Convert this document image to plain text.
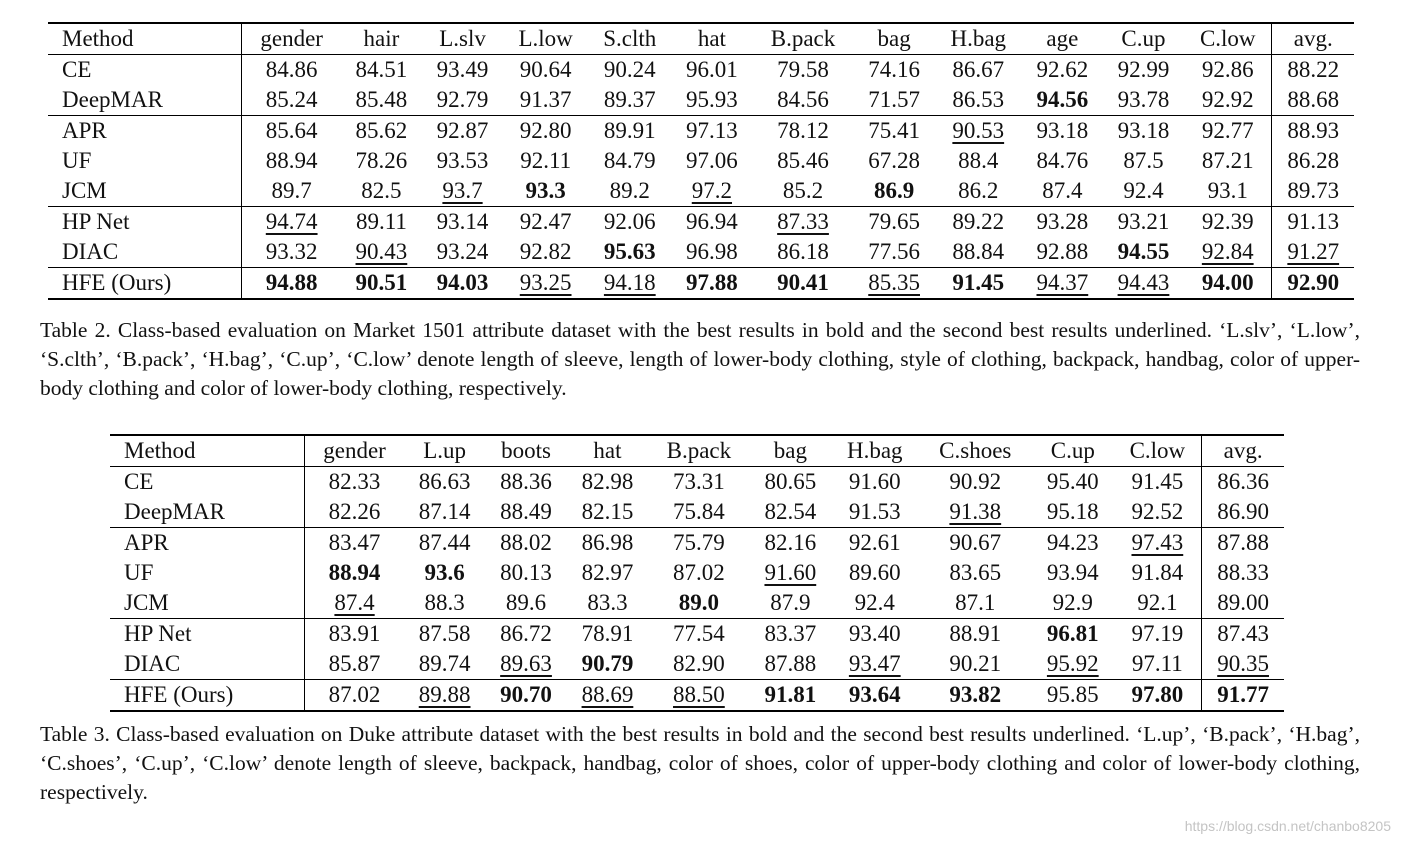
Method	gender	hair	L.slv	L.low	S.clth	hat	B.pack	bag	H.bag	age	C.up	C.low	avg.
CE	84.86	84.51	93.49	90.64	90.24	96.01	79.58	74.16	86.67	92.62	92.99	92.86	88.22
DeepMAR	85.24	85.48	92.79	91.37	89.37	95.93	84.56	71.57	86.53	94.56	93.78	92.92	88.68
APR	85.64	85.62	92.87	92.80	89.91	97.13	78.12	75.41	90.53	93.18	93.18	92.77	88.93
UF	88.94	78.26	93.53	92.11	84.79	97.06	85.46	67.28	88.4	84.76	87.5	87.21	86.28
JCM	89.7	82.5	93.7	93.3	89.2	97.2	85.2	86.9	86.2	87.4	92.4	93.1	89.73
HP Net	94.74	89.11	93.14	92.47	92.06	96.94	87.33	79.65	89.22	93.28	93.21	92.39	91.13
DIAC	93.32	90.43	93.24	92.82	95.63	96.98	86.18	77.56	88.84	92.88	94.55	92.84	91.27
HFE (Ours)	94.88	90.51	94.03	93.25	94.18	97.88	90.41	85.35	91.45	94.37	94.43	94.00	92.90

Table 2. Class-based evaluation on Market 1501 attribute dataset with the best results in bold and the second best results underlined. ‘L.slv’, ‘L.low’, ‘S.clth’, ‘B.pack’, ‘H.bag’, ‘C.up’, ‘C.low’ denote length of sleeve, length of lower-body clothing, style of clothing, backpack, handbag, color of upper-body clothing and color of lower-body clothing, respectively.

Method	gender	L.up	boots	hat	B.pack	bag	H.bag	C.shoes	C.up	C.low	avg.
CE	82.33	86.63	88.36	82.98	73.31	80.65	91.60	90.92	95.40	91.45	86.36
DeepMAR	82.26	87.14	88.49	82.15	75.84	82.54	91.53	91.38	95.18	92.52	86.90
APR	83.47	87.44	88.02	86.98	75.79	82.16	92.61	90.67	94.23	97.43	87.88
UF	88.94	93.6	80.13	82.97	87.02	91.60	89.60	83.65	93.94	91.84	88.33
JCM	87.4	88.3	89.6	83.3	89.0	87.9	92.4	87.1	92.9	92.1	89.00
HP Net	83.91	87.58	86.72	78.91	77.54	83.37	93.40	88.91	96.81	97.19	87.43
DIAC	85.87	89.74	89.63	90.79	82.90	87.88	93.47	90.21	95.92	97.11	90.35
HFE (Ours)	87.02	89.88	90.70	88.69	88.50	91.81	93.64	93.82	95.85	97.80	91.77

Table 3. Class-based evaluation on Duke attribute dataset with the best results in bold and the second best results underlined. ‘L.up’, ‘B.pack’, ‘H.bag’, ‘C.shoes’, ‘C.up’, ‘C.low’ denote length of sleeve, backpack, handbag, color of shoes, color of upper-body clothing and color of lower-body clothing, respectively.

https://blog.csdn.net/chanbo8205
